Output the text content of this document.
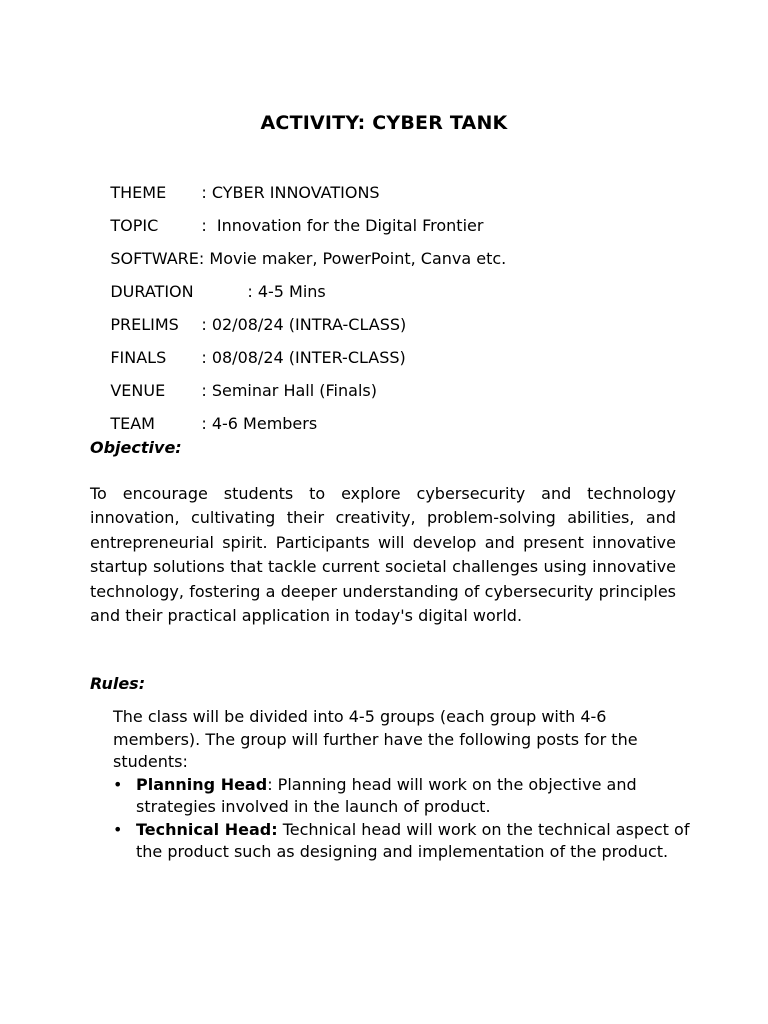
ACTIVITY: CYBER TANK

THEME : CYBER INNOVATIONS

TOPIC	:  Innovation for the Digital Frontier

SOFTWARE: Movie maker, PowerPoint, Canva etc.

DURATION	: 4-5 Mins

PRELIMS : 02/08/24 (INTRA-CLASS)

FINALS : 08/08/24 (INTER-CLASS)

VENUE : Seminar Hall (Finals)

TEAM	: 4-6 Members

Objective:
To encourage students to explore cybersecurity and technology innovation, cultivating their creativity, problem-solving abilities, and entrepreneurial spirit. Participants will develop and present innovative startup solutions that tackle current societal challenges using innovative technology, fostering a deeper understanding of cybersecurity principles and their practical application in today's digital world.
Rules:

The class will be divided into 4-5 groups (each group with 4-6 members). The group will further have the following posts for the students:

• Planning Head: Planning head will work on the objective and strategies involved in the launch of product.
• Technical Head: Technical head will work on the technical aspect of the product such as designing and implementation of the product.
